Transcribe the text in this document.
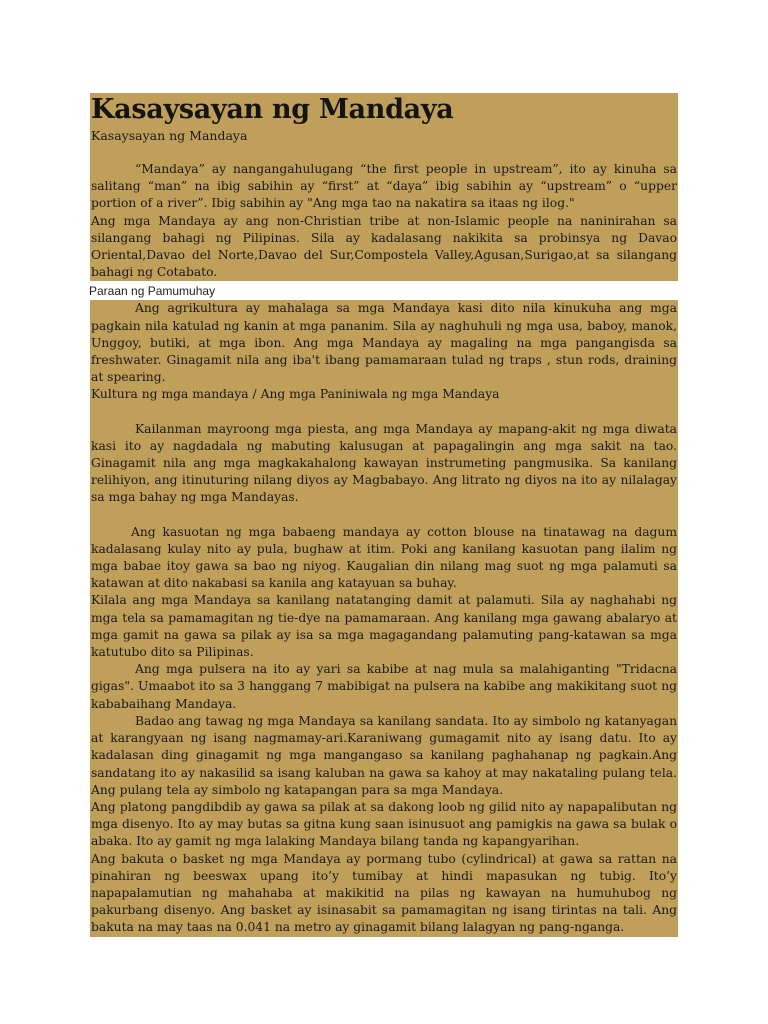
Kasaysayan ng Mandaya

Kasaysayan ng Mandaya

“Mandaya” ay nangangahulugang “the first people in upstream”, ito ay kinuha sa salitang “man” na ibig sabihin ay “first” at “daya” ibig sabihin ay “upstream” o “upper portion of a river”. Ibig sabihin ay "Ang mga tao na nakatira sa itaas ng ilog."

Ang mga Mandaya ay ang non-Christian tribe at non-Islamic people na naninirahan sa silangang bahagi ng Pilipinas. Sila ay kadalasang nakikita sa probinsya ng Davao Oriental,Davao del Norte,Davao del Sur,Compostela Valley,Agusan,Surigao,at sa silangang bahagi ng Cotabato.

Paraan ng Pamumuhay

Ang agrikultura ay mahalaga sa mga Mandaya kasi dito nila kinukuha ang mga pagkain nila katulad ng kanin at mga pananim. Sila ay naghuhuli ng mga usa, baboy, manok, Unggoy, butiki, at mga ibon. Ang mga Mandaya ay magaling na mga pangangisda sa freshwater. Ginagamit nila ang iba't ibang pamamaraan tulad ng traps , stun rods, draining at spearing.

Kultura ng mga mandaya / Ang mga Paniniwala ng mga Mandaya

Kailanman mayroong mga piesta, ang mga Mandaya ay mapang-akit ng mga diwata kasi ito ay nagdadala ng mabuting kalusugan at papagalingin ang mga sakit na tao. Ginagamit nila ang mga magkakahalong kawayan instrumeting pangmusika. Sa kanilang relihiyon, ang itinuturing nilang diyos ay Magbabayo. Ang litrato ng diyos na ito ay nilalagay sa mga bahay ng mga Mandayas.

Ang kasuotan ng mga babaeng mandaya ay cotton blouse na tinatawag na dagum kadalasang kulay nito ay pula, bughaw at itim. Poki ang kanilang kasuotan pang ilalim ng mga babae itoy gawa sa bao ng niyog. Kaugalian din nilang mag suot ng mga palamuti sa katawan at dito nakabasi sa kanila ang katayuan sa buhay.

Kilala ang mga Mandaya sa kanilang natatanging damit at palamuti. Sila ay naghahabi ng mga tela sa pamamagitan ng tie-dye na pamamaraan. Ang kanilang mga gawang abalaryo at mga gamit na gawa sa pilak ay isa sa mga magagandang palamuting pang-katawan sa mga katutubo dito sa Pilipinas.

Ang mga pulsera na ito ay yari sa kabibe at nag mula sa malahiganting "Tridacna gigas". Umaabot ito sa 3 hanggang 7 mabibigat na pulsera na kabibe ang makikitang suot ng kababaihang Mandaya.

Badao ang tawag ng mga Mandaya sa kanilang sandata. Ito ay simbolo ng katanyagan at karangyaan ng isang nagmamay-ari.Karaniwang gumagamit nito ay isang datu. Ito ay kadalasan ding ginagamit ng mga mangangaso sa kanilang paghahanap ng pagkain.Ang sandatang ito ay nakasilid sa isang kaluban na gawa sa kahoy at may nakataling pulang tela. Ang pulang tela ay simbolo ng katapangan para sa mga Mandaya.

Ang platong pangdibdib ay gawa sa pilak at sa dakong loob ng gilid nito ay napapalibutan ng mga disenyo. Ito ay may butas sa gitna kung saan isinusuot ang pamigkis na gawa sa bulak o abaka. Ito ay gamit ng mga lalaking Mandaya bilang tanda ng kapangyarihan.

Ang bakuta o basket ng mga Mandaya ay pormang tubo (cylindrical) at gawa sa rattan na pinahiran ng beeswax upang ito’y tumibay at hindi mapasukan ng tubig. Ito’y napapalamutian ng mahahaba at makikitid na pilas ng kawayan na humuhubog ng pakurbang disenyo. Ang basket ay isinasabit sa pamamagitan ng isang tirintas na tali. Ang bakuta na may taas na 0.041 na metro ay ginagamit bilang lalagyan ng pang-nganga.
